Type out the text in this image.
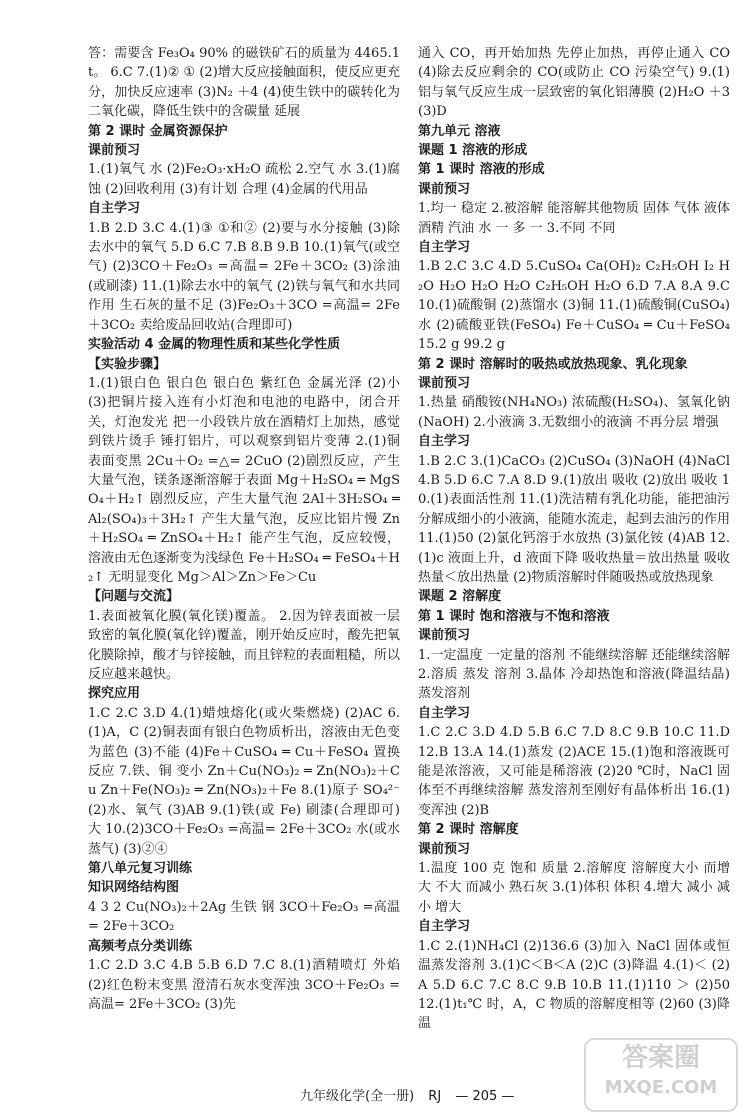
答：需要含 Fe₃O₄ 90% 的磁铁矿石的质量为 4465.1 t。 6.C 7.(1)② ① (2)增大反应接触面积，使反应更充分，加快反应速率 (3)N₂ ＋4 (4)使生铁中的碳转化为二氧化碳，降低生铁中的含碳量 延展

第 2 课时 金属资源保护

课前预习

1.(1)氧气 水 (2)Fe₂O₃·xH₂O 疏松 2.空气 水 3.(1)腐蚀 (2)回收利用 (3)有计划 合理 (4)金属的代用品

自主学习

1.B 2.D 3.C 4.(1)③ ①和② (2)要与水分接触 (3)除去水中的氧气 5.D 6.C 7.B 8.B 9.B 10.(1)氧气(或空气) (2)3CO＋Fe₂O₃ =高温= 2Fe＋3CO₂ (3)涂油(或刷漆) 11.(1)除去水中的氧气 (2)铁与氧气和水共同作用 生石灰的量不足 (3)Fe₂O₃＋3CO =高温= 2Fe＋3CO₂ 卖给废品回收站(合理即可)

实验活动 4 金属的物理性质和某些化学性质

【实验步骤】

1.(1)银白色 银白色 银白色 紫红色 金属光泽 (2)小 (3)把铜片接入连有小灯泡和电池的电路中，闭合开关，灯泡发光 把一小段铁片放在酒精灯上加热，感觉到铁片烫手 锤打铝片，可以观察到铝片变薄 2.(1)铜表面变黑 2Cu＋O₂ =△= 2CuO (2)剧烈反应，产生大量气泡，镁条逐渐溶解于表面 Mg＋H₂SO₄ ═ MgSO₄＋H₂↑ 剧烈反应，产生大量气泡 2Al＋3H₂SO₄ ═ Al₂(SO₄)₃＋3H₂↑ 产生大量气泡，反应比铝片慢 Zn＋H₂SO₄ ═ ZnSO₄＋H₂↑ 能产生气泡，反应较慢，溶液由无色逐渐变为浅绿色 Fe＋H₂SO₄ ═ FeSO₄＋H₂↑ 无明显变化 Mg＞Al＞Zn＞Fe＞Cu

【问题与交流】

1.表面被氧化膜(氧化镁)覆盖。 2.因为锌表面被一层致密的氧化膜(氧化锌)覆盖，刚开始反应时，酸先把氧化膜除掉，酸才与锌接触，而且锌粒的表面粗糙，所以反应越来越快。

探究应用

1.C 2.C 3.D 4.(1)蜡烛熔化(或火柴燃烧) (2)AC 6.(1)A，C (2)铜表面有银白色物质析出，溶液由无色变为蓝色 (3)不能 (4)Fe＋CuSO₄ ═ Cu＋FeSO₄ 置换反应 7.铁、铜 变小 Zn＋Cu(NO₃)₂ ═ Zn(NO₃)₂＋Cu Zn＋Fe(NO₃)₂ ═ Zn(NO₃)₂＋Fe 8.(1)原子 SO₄²⁻ (2)水、氧气 (3)AB 9.(1)铁(或 Fe) 刷漆(合理即可) 大 10.(2)3CO＋Fe₂O₃ =高温= 2Fe＋3CO₂ 水(或水蒸气) (3)②④

第八单元复习训练

知识网络结构图

4 3 2 Cu(NO₃)₂＋2Ag 生铁 钢 3CO＋Fe₂O₃ =高温= 2Fe＋3CO₂

高频考点分类训练

1.C 2.D 3.C 4.B 5.B 6.D 7.C 8.(1)酒精喷灯 外焰 (2)红色粉末变黑 澄清石灰水变浑浊 3CO＋Fe₂O₃ =高温= 2Fe＋3CO₂ (3)先

通入 CO，再开始加热 先停止加热，再停止通入 CO (4)除去反应剩余的 CO(或防止 CO 污染空气) 9.(1)铝与氧气反应生成一层致密的氧化铝薄膜 (2)H₂O ＋3 (3)D

第九单元 溶液

课题 1 溶液的形成

第 1 课时 溶液的形成

课前预习

1.均一 稳定 2.被溶解 能溶解其他物质 固体 气体 液体 酒精 汽油 水 一 多 一 3.不同 不同

自主学习

1.B 2.C 3.C 4.D 5.CuSO₄ Ca(OH)₂ C₂H₅OH I₂ H₂O H₂O H₂O H₂O C₂H₅OH H₂O 6.D 7.A 8.A 9.C 10.(1)硫酸铜 (2)蒸馏水 (3)铜 11.(1)硫酸铜(CuSO₄) 水 (2)硫酸亚铁(FeSO₄) Fe＋CuSO₄ ═ Cu＋FeSO₄ 15.2 g 99.2 g

第 2 课时 溶解时的吸热或放热现象、乳化现象

课前预习

1.热量 硝酸铵(NH₄NO₃) 浓硫酸(H₂SO₄)、氢氧化钠(NaOH) 2.小液滴 3.无数细小的液滴 不再分层 增强

自主学习

1.B 2.C 3.(1)CaCO₃ (2)CuSO₄ (3)NaOH (4)NaCl 4.B 5.D 6.C 7.A 8.D 9.(1)放出 吸收 (2)放出 吸收 10.(1)表面活性剂 11.(1)洗洁精有乳化功能，能把油污分解成细小的小液滴，能随水流走，起到去油污的作用 11.(1)50 (2)氯化钙溶于水放热 (3)氯化铵 (4)AB 12.(1)c 液面上升，d 液面下降 吸收热量＝放出热量 吸收热量＜放出热量 (2)物质溶解时伴随吸热或放热现象

课题 2 溶解度

第 1 课时 饱和溶液与不饱和溶液

课前预习

1.一定温度 一定量的溶剂 不能继续溶解 还能继续溶解 2.溶质 蒸发 溶剂 3.晶体 冷却热饱和溶液(降温结晶) 蒸发溶剂

自主学习

1.C 2.C 3.D 4.D 5.B 6.C 7.D 8.C 9.B 10.C 11.D 12.B 13.A 14.(1)蒸发 (2)ACE 15.(1)饱和溶液既可能是浓溶液，又可能是稀溶液 (2)20 ℃时，NaCl 固体至不再继续溶解 蒸发溶剂至刚好有晶体析出 16.(1)变浑浊 (2)B

第 2 课时 溶解度

课前预习

1.温度 100 克 饱和 质量 2.溶解度 溶解度大小 而增大 不大 而减小 熟石灰 3.(1)体积 体积 4.增大 减小 减小 增大

自主学习

1.C 2.(1)NH₄Cl (2)136.6 (3)加入 NaCl 固体或恒温蒸发溶剂 3.(1)C＜B＜A (2)C (3)降温 4.(1)＜ (2)A 5.D 6.C 7.C 8.C 9.B 10.B 11.(1)110 ＞ (2)50 12.(1)t₁℃ 时，A，C 物质的溶解度相等 (2)60 (3)降温

九年级化学(全一册) RJ — 205 —
答案圈
MXQE.COM
